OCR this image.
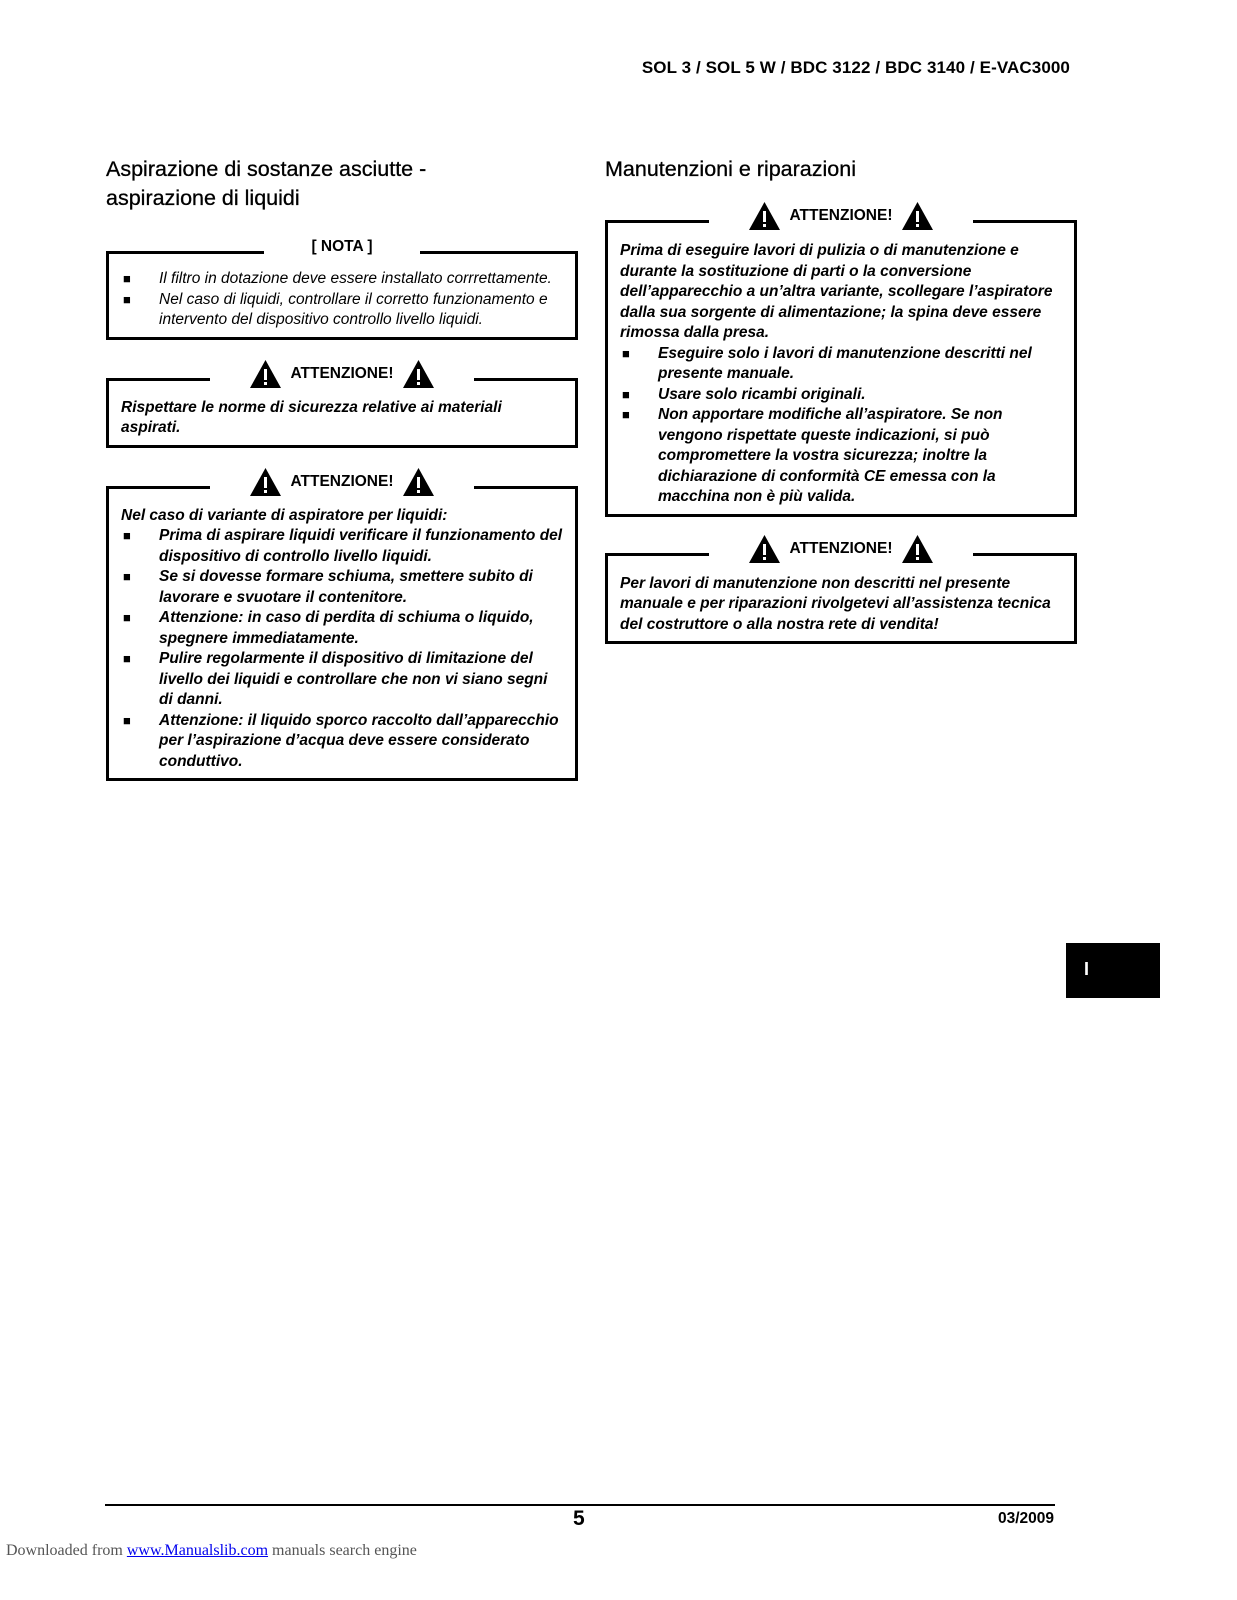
SOL 3 / SOL 5 W / BDC 3122 / BDC 3140 / E-VAC3000
Aspirazione di sostanze asciutte -
aspirazione di liquidi
[ NOTA ]
■ Il filtro in dotazione deve essere installato corrrettamente.
■ Nel caso di liquidi, controllare il corretto funzionamento e intervento del dispositivo controllo livello liquidi.
ATTENZIONE!
Rispettare le norme di sicurezza relative ai materiali aspirati.
ATTENZIONE!
Nel caso di variante di aspiratore per liquidi:
■ Prima di aspirare liquidi verificare il funzionamento del dispositivo di controllo livello liquidi.
■ Se si dovesse formare schiuma, smettere subito di lavorare e svuotare il contenitore.
■ Attenzione: in caso di perdita di schiuma o liquido, spegnere immediatamente.
■ Pulire regolarmente il dispositivo di limitazione del livello dei liquidi e controllare che non vi siano segni di danni.
■ Attenzione: il liquido sporco raccolto dall’apparecchio per l’aspirazione d’acqua deve essere considerato conduttivo.
Manutenzioni e riparazioni
ATTENZIONE!
Prima di eseguire lavori di pulizia o di manutenzione e durante la sostituzione di parti o la conversione dell’apparecchio a un’altra variante, scollegare l’aspiratore dalla sua sorgente di alimentazione; la spina deve essere rimossa dalla presa.
■ Eseguire solo i lavori di manutenzione descritti nel presente manuale.
■ Usare solo ricambi originali.
■ Non apportare modifiche all’aspiratore. Se non vengono rispettate queste indicazioni, si può compromettere la vostra sicurezza; inoltre la dichiarazione di conformità CE emessa con la macchina non è più valida.
ATTENZIONE!
Per lavori di manutenzione non descritti nel presente manuale e per riparazioni rivolgetevi all’assistenza tecnica del costruttore o alla nostra rete di vendita!
I
5	03/2009
Downloaded from www.Manualslib.com manuals search engine
